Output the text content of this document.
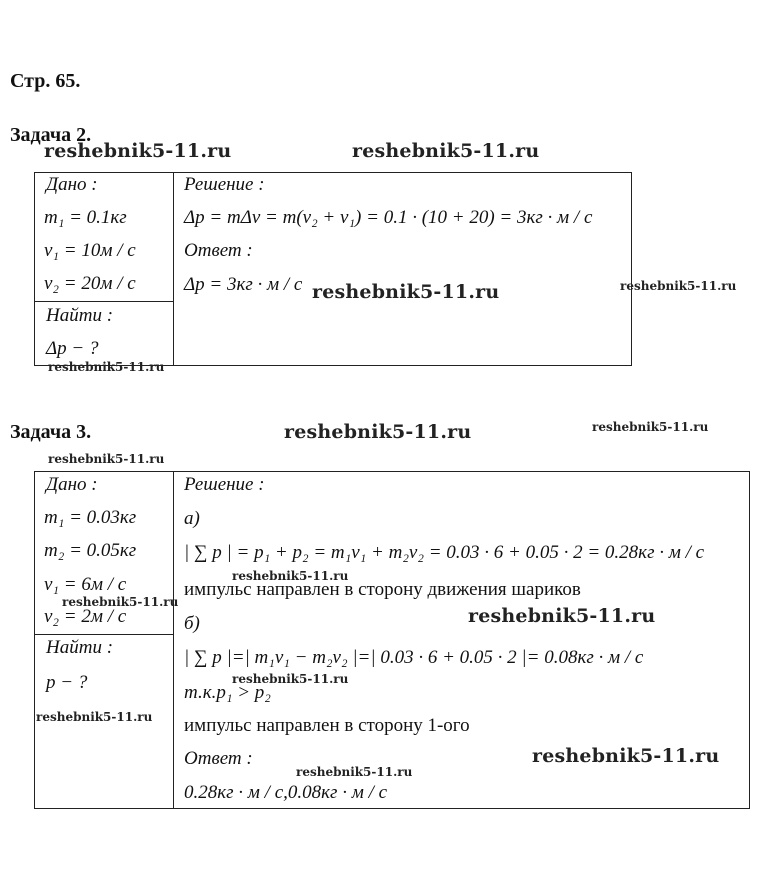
Стр. 65.
Задача 2.
Дано :
m₁ = 0.1кг
v₁ = 10м / с
v₂ = 20м / с
Найти :
Δp − ?
Решение :
Δp = mΔv = m(v₂ + v₁) = 0.1 · (10 + 20) = 3кг · м / с
Ответ :
Δp = 3кг · м / с
Задача 3.
Дано :
m₁ = 0.03кг
m₂ = 0.05кг
v₁ = 6м / с
v₂ = 2м / с
Найти :
p − ?
Решение :
а)
| ∑ p | = p₁ + p₂ = m₁v₁ + m₂v₂ = 0.03 · 6 + 0.05 · 2 = 0.28кг · м / с
импульс направлен в сторону движения шариков
б)
| ∑ p |=| m₁v₁ − m₂v₂ |=| 0.03 · 6 + 0.05 · 2 |= 0.08кг · м / с
т.к.p₁ > p₂
импульс направлен в сторону 1-ого
Ответ :
0.28кг · м / с,0.08кг · м / с
reshebnik5-11.ru	reshebnik5-11.ru
reshebnik5-11.ru	reshebnik5-11.ru
reshebnik5-11.ru
reshebnik5-11.ru	reshebnik5-11.ru
reshebnik5-11.ru
reshebnik5-11.ru
reshebnik5-11.ru
reshebnik5-11.ru
reshebnik5-11.ru
reshebnik5-11.ru
reshebnik5-11.ru
reshebnik5-11.ru
